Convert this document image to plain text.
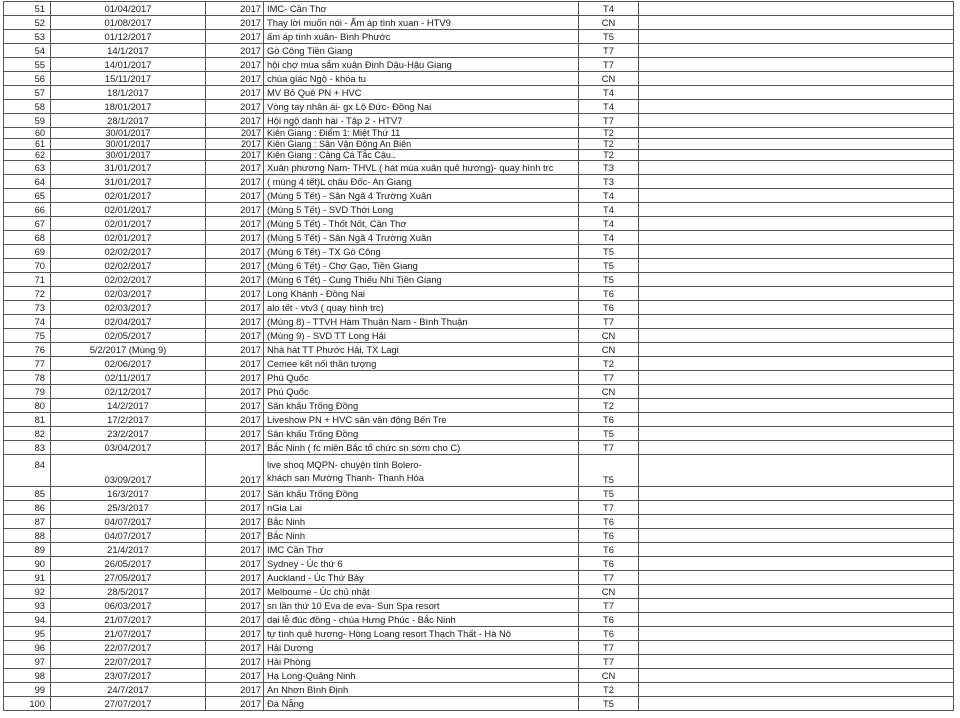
51	01/04/2017	2017	IMC- Cần Thơ	T4	
52	01/08/2017	2017	Thay lời muốn nói - Ấm áp tình xuan - HTV9	CN	
53	01/12/2017	2017	ấm áp tình xuân- Bình Phước	T5	
54	14/1/2017	2017	Gò Công Tiền Giang	T7	
55	14/01/2017	2017	hội chợ mua sắm xuân Đinh Dậu-Hậu Giang	T7	
56	15/11/2017	2017	chùa giác Ngộ - khóa tu	CN	
57	18/1/2017	2017	MV Bỏ Quê PN + HVC	T4	
58	18/01/2017	2017	Vòng tay nhân ái- gx Lộ Đức- Đồng Nai	T4	
59	28/1/2017	2017	Hội ngộ danh hài - Tập 2 - HTV7	T7	
60	30/01/2017	2017	Kiên Giang : Điểm 1: Miệt Thứ 11	T2	
61	30/01/2017	2017	Kiên Giang : Sân Vận Động An Biên	T2	
62	30/01/2017	2017	Kiên Giang : Cảng Cá Tắc Cậu..	T2	
63	31/01/2017	2017	Xuân phương Nam- THVL ( hát múa xuân quê hương)- quay hình trc	T3	
64	31/01/2017	2017	( mùng 4 tết)L châu Đốc- An Giang	T3	
65	02/01/2017	2017	(Mùng 5 Tết) - Sân Ngã 4 Trường Xuân	T4	
66	02/01/2017	2017	(Mùng 5 Tết) - SVD Thới Long	T4	
67	02/01/2017	2017	(Mùng 5 Tết) - Thốt Nốt, Cần Thơ	T4	
68	02/01/2017	2017	(Mùng 5 Tết) - Sân Ngã 4 Trường Xuân	T4	
69	02/02/2017	2017	(Mùng 6 Tết) - TX Gò Công	T5	
70	02/02/2017	2017	(Mùng 6 Tết) - Chợ Gạo, Tiền Giang	T5	
71	02/02/2017	2017	(Mùng 6 Tết) - Cung Thiếu Nhi Tiền Giang	T5	
72	02/03/2017	2017	Long Khánh - Đồng Nai	T6	
73	02/03/2017	2017	alo tết - vtv3 ( quay hình trc)	T6	
74	02/04/2017	2017	(Mùng 8) - TTVH Hàm Thuận Nam - Bình Thuận	T7	
75	02/05/2017	2017	(Mùng 9) - SVD TT Long Hải	CN	
76	5/2/2017 (Mùng 9)	2017	Nhà hát TT Phước Hải, TX Lagi	CN	
77	02/06/2017	2017	Cemee kết nối thần tượng	T2	
78	02/11/2017	2017	Phú Quốc	T7	
79	02/12/2017	2017	Phú Quốc	CN	
80	14/2/2017	2017	Sân khấu Trống Đồng	T2	
81	17/2/2017	2017	Liveshow PN + HVC sân vận động Bến Tre	T6	
82	23/2/2017	2017	Sân khấu Trống Đồng	T5	
83	03/04/2017	2017	Bắc Ninh ( fc miền Bắc tổ chức sn sớm cho C)	T7	
84	03/09/2017	2017	live shoq MQPN- chuyện tình Bolero-
khách sạn Mường Thanh- Thanh Hóa	T5	
85	16/3/2017	2017	Sân khấu Trống Đồng	T5	
86	25/3/2017	2017	nGia Lai	T7	
87	04/07/2017	2017	Bắc Ninh	T6	
88	04/07/2017	2017	Bắc Ninh	T6	
89	21/4/2017	2017	IMC Cần Thơ	T6	
90	26/05/2017	2017	Sydney - Úc thứ 6	T6	
91	27/05/2017	2017	Auckland - Úc Thứ Bảy	T7	
92	28/5/2017	2017	Melbourne - Úc chủ nhật	CN	
93	06/03/2017	2017	sn lần thứ 10 Eva de eva- Sun Spa resort	T7	
94	21/07/2017	2017	dại lễ đúc đồng - chùa Hưng Phúc - Bắc Ninh	T6	
95	21/07/2017	2017	tự tình quê hương- Hòng Loang resort Thạch Thất - Hà Nộ	T6	
96	22/07/2017	2017	Hải Dương	T7	
97	22/07/2017	2017	Hải Phòng	T7	
98	23/07/2017	2017	Hạ Long-Quảng Ninh	CN	
99	24/7/2017	2017	An Nhơn Bình Định	T2	
100	27/07/2017	2017	Đà Nẵng	T5	
